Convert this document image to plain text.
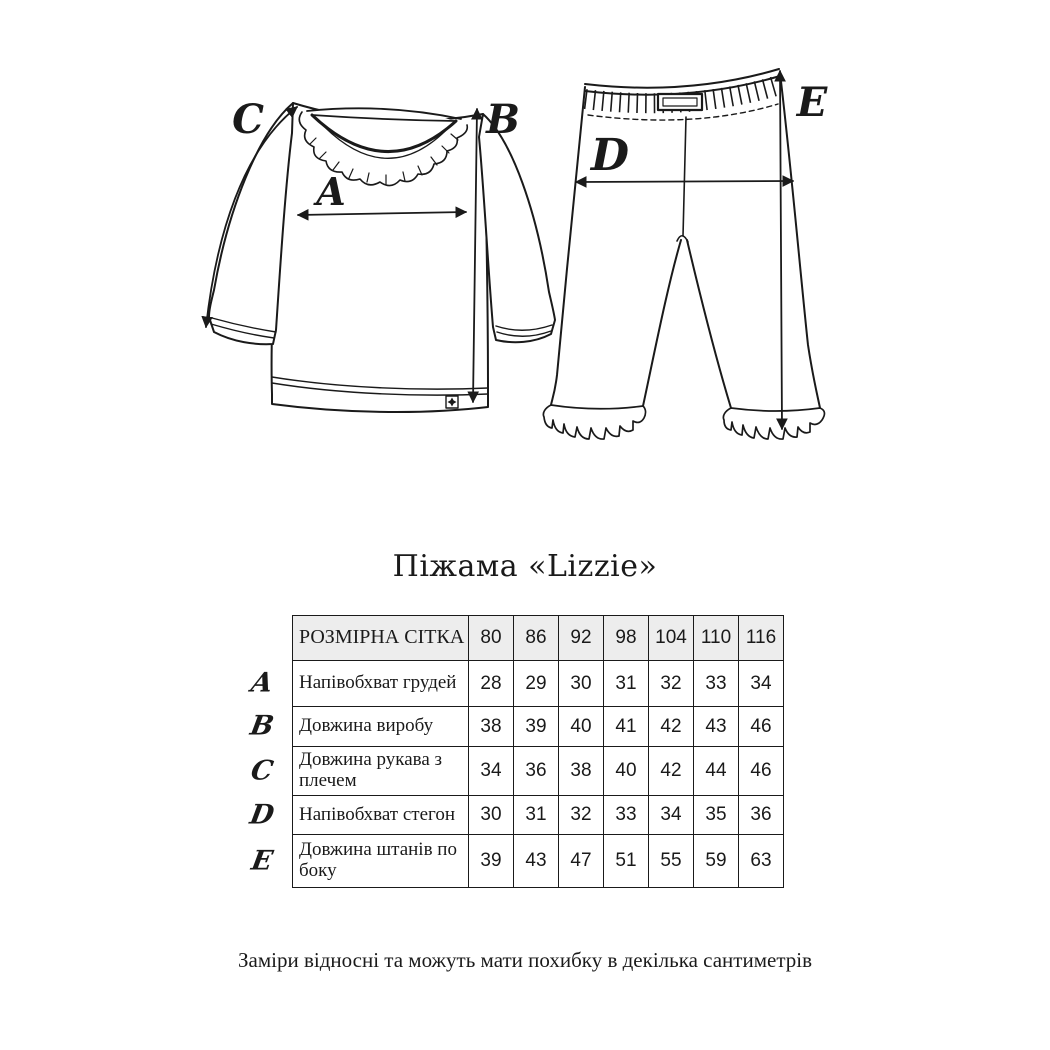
A
B
C
D
E
Піжама «Lizzie»
A
B
C
D
E
РОЗМІРНА СІТКА	80	86	92	98	104	110	116
Напівобхват грудей	28	29	30	31	32	33	34
Довжина виробу	38	39	40	41	42	43	46
Довжина рукава з плечем	34	36	38	40	42	44	46
Напівобхват стегон	30	31	32	33	34	35	36
Довжина штанів по боку	39	43	47	51	55	59	63

Заміри відносні та можуть мати похибку в декілька сантиметрів
